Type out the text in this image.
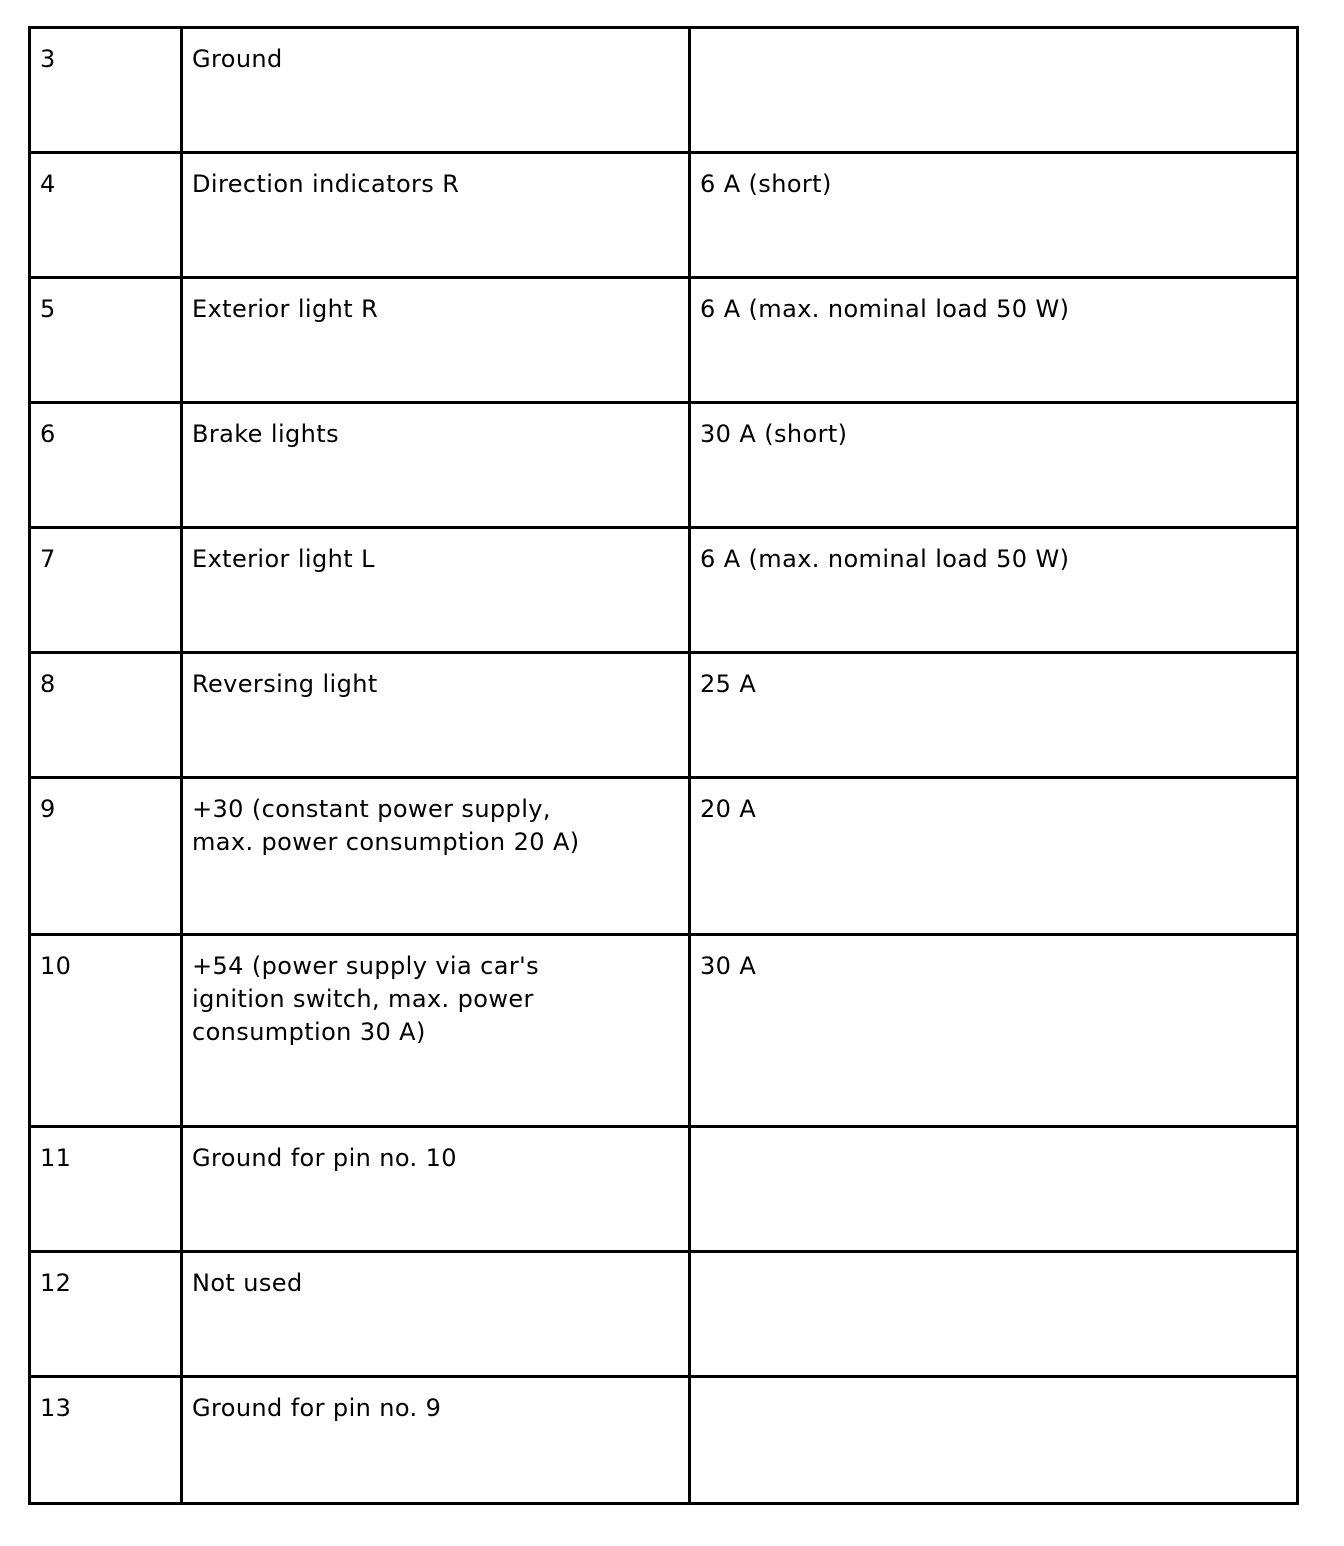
3	Ground	
4	Direction indicators R	6 A (short)
5	Exterior light R	6 A (max. nominal load 50 W)
6	Brake lights	30 A (short)
7	Exterior light L	6 A (max. nominal load 50 W)
8	Reversing light	25 A
9	+30 (constant power supply,
max. power consumption 20 A)	20 A
10	+54 (power supply via car's
ignition switch, max. power
consumption 30 A)	30 A
11	Ground for pin no. 10	
12	Not used	
13	Ground for pin no. 9	
